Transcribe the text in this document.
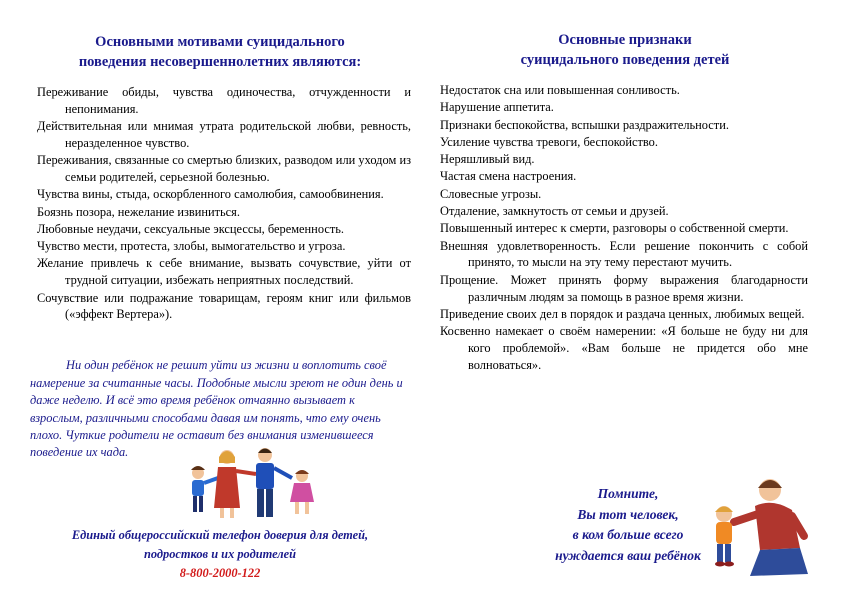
Основными мотивами суицидального
поведения несовершеннолетних являются:
Переживание обиды, чувства одиночества, отчужденности и непонимания.
Действительная или мнимая утрата родительской любви, ревность, неразделенное чувство.
Переживания, связанные со смертью близких, разводом или уходом из семьи родителей, серьезной болезнью.
Чувства вины, стыда, оскорбленного самолюбия, самообвинения.
Боязнь позора, нежелание извиниться.
Любовные неудачи, сексуальные эксцессы, беременность.
Чувство мести, протеста, злобы, вымогательство и угроза.
Желание привлечь к себе внимание, вызвать сочувствие, уйти от трудной ситуации, избежать неприятных последствий.
Сочувствие или подражание товарищам, героям книг или фильмов («эффект Вертера»).

Ни один ребёнок не решит уйти из жизни и воплотить своё намерение за считанные часы. Подобные мысли зреют не один день и даже неделю. И всё это время ребёнок отчаянно вызывает к взрослым, различными способами давая им понять, что ему очень плохо. Чуткие родители не оставит без внимания изменившееся поведение их чада.

Единый общероссийский телефон доверия для детей,
подростков и их родителей
8-800-2000-122
Основные признаки
суицидального поведения детей
Недостаток сна или повышенная сонливость.
Нарушение аппетита.
Признаки беспокойства, вспышки раздражительности.
Усиление чувства тревоги, беспокойство.
Неряшливый вид.
Частая смена настроения.
Словесные угрозы.
Отдаление, замкнутость от семьи и друзей.
Повышенный интерес к смерти, разговоры о собственной смерти.
Внешняя удовлетворенность. Если решение покончить с собой принято, то мысли на эту тему перестают мучить.
Прощение. Может принять форму выражения благодарности различным людям за помощь в разное время жизни.
Приведение своих дел в порядок и раздача ценных, любимых вещей.
Косвенно намекает о своём намерении: «Я больше не буду ни для кого проблемой». «Вам больше не придется обо мне волноваться».
Помните,
Вы тот человек,
в ком больше всего
нуждается ваш ребёнок
